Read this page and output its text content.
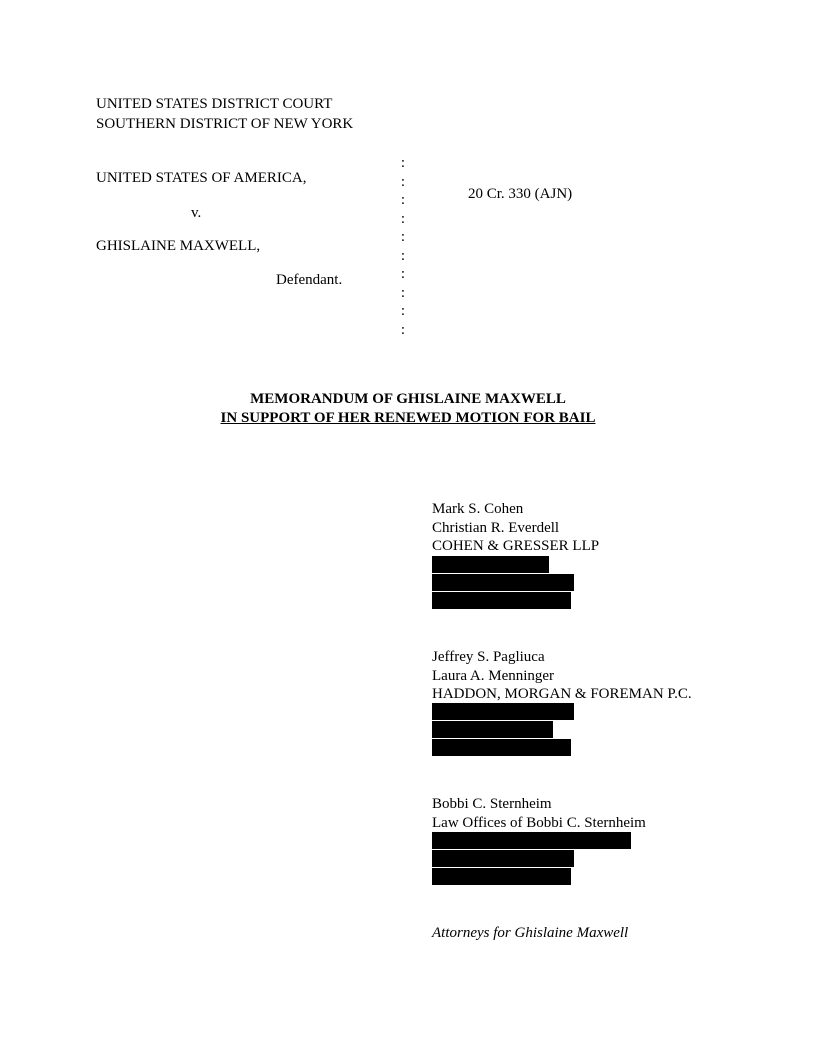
UNITED STATES DISTRICT COURT
SOUTHERN DISTRICT OF NEW YORK
:
:
:
:
:
:
:
:
:
:
UNITED STATES OF AMERICA,
v.
GHISLAINE MAXWELL,
Defendant.
20 Cr. 330 (AJN)
MEMORANDUM OF GHISLAINE MAXWELL
IN SUPPORT OF HER RENEWED MOTION FOR BAIL
Mark S. Cohen
Christian R. Everdell
COHEN & GRESSER LLP
Jeffrey S. Pagliuca
Laura A. Menninger
HADDON, MORGAN & FOREMAN P.C.
Bobbi C. Sternheim
Law Offices of Bobbi C. Sternheim
Attorneys for Ghislaine Maxwell
